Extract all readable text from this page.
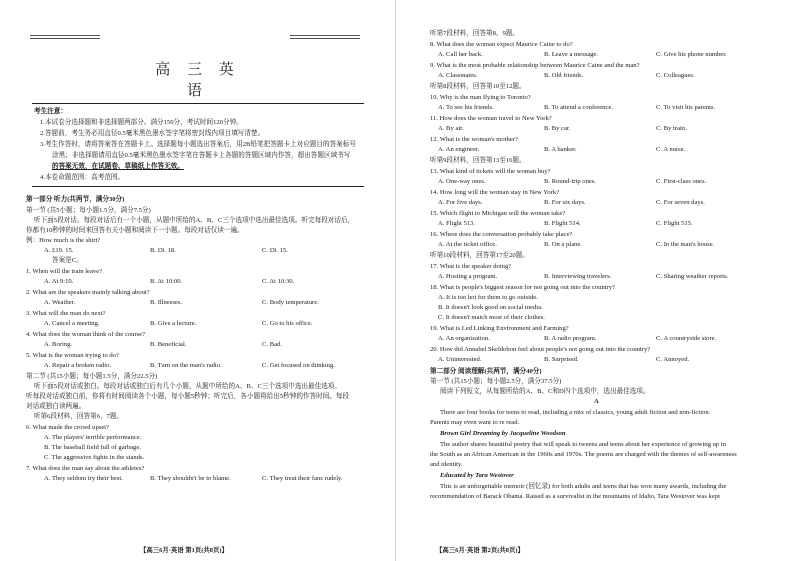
高 三 英 语
考生注意：
1.本试卷分选择题和非选择题两部分。满分150分，考试时间120分钟。
2.答题前，考生务必用直径0.5毫米黑色墨水签字笔将密封线内项目填写清楚。
3.考生作答时，请将答案答在答题卡上。选择题每小题选出答案后，用2B铅笔把答题卡上对应题目的答案标号
涂黑；非选择题请用直径0.5毫米黑色墨水签字笔在答题卡上各题的答题区域内作答，超出答题区域书写
的答案无效，在试题卷、草稿纸上作答无效。
4.本卷命题范围：高考范围。
第一部分 听力(共两节，满分30分)
第一节 (共5小题；每小题1.5分，满分7.5分)
听下面5段对话。每段对话后有一个小题，从题中所给的A、B、C三个选项中选出最佳选项。听完每段对话后，
你都有10秒钟的时间来回答有关小题和阅读下一小题。每段对话仅读一遍。
例：How much is the shirt?
A. £19. 15.	B. £9. 18.	C. £9. 15.
答案是C。
1. When will the train leave?
A. At 9:10.	B. At 10:00.	C. At 10:30.
2. What are the speakers mainly talking about?
A. Weather.	B. Illnesses.	C. Body temperature.
3. What will the man do next?
A. Cancel a meeting.	B. Give a lecture.	C. Go to his office.
4. What does the woman think of the course?
A. Boring.	B. Beneficial.	C. Bad.
5. What is the woman trying to do?
A. Repair a broken radio.	B. Turn on the man's radio.	C. Get focused on thinking.
第二节 (共15小题；每小题1.5分，满分22.5分)
听下面5段对话或独白。每段对话或独白后有几个小题，从题中所给的A、B、C三个选项中选出最佳选项。
听每段对话或独白前，你将有时间阅读各个小题，每小题5秒钟；听完后，各小题将给出5秒钟的作答时间。每段
对话或独白读两遍。
听第6段材料，回答第6、7题。
6. What made the crowd upset?
A. The players' terrible performance.
B. The baseball field full of garbage.
C. The aggressive fights in the stands.
7. What does the man say about the athletes?
A. They seldom try their best.	B. They shouldn't be to blame.	C. They treat their fans rudely.
【高三6月·英语 第1页(共8页)】
听第7段材料，回答第8、9题。
8. What does the woman expect Maurice Caine to do?
A. Call her back.	B. Leave a message.	C. Give his phone number.
9. What is the most probable relationship between Maurice Caine and the man?
A. Classmates.	B. Old friends.	C. Colleagues.
听第8段材料，回答第10至12题。
10. Why is the man flying to Toronto?
A. To see his friends.	B. To attend a conference.	C. To visit his parents.
11. How does the woman travel to New York?
A. By air.	B. By car.	C. By train.
12. What is the woman's mother?
A. An engineer.	B. A banker.	C. A nurse.
听第9段材料，回答第13至16题。
13. What kind of tickets will the woman buy?
A. One-way ones.	B. Round-trip ones.	C. First-class ones.
14. How long will the woman stay in New York?
A. For five days.	B. For six days.	C. For seven days.
15. Which flight to Michigan will the woman take?
A. Flight 513.	B. Flight 514.	C. Flight 515.
16. Where does the conversation probably take place?
A. At the ticket office.	B. On a plane.	C. In the man's house.
听第10段材料，回答第17至20题。
17. What is the speaker doing?
A. Hosting a program.	B. Interviewing travelers.	C. Sharing weather reports.
18. What is people's biggest reason for not going out into the country?
A. It is too hot for them to go outside.
B. It doesn't look good on social media.
C. It doesn't match most of their clothes.
19. What is Led Linking Environment and Farming?
A. An organization.	B. A radio program.	C. A countryside store.
20. How did Annabel Skeldobon feel about people's not going out into the country?
A. Uninterested.	B. Surprised.	C. Annoyed.
第二部分 阅读理解(共两节，满分40分)
第一节 (共15小题；每小题2.5分，满分37.5分)
阅读下列短文，从每题所给的A、B、C和D四个选项中，选出最佳选项。
A
There are four books for teens to read, including a mix of classics, young adult fiction and non-fiction.
Parents may even want to re read.
Brown Girl Dreaming by Jacqueline Woodson
The author shares beautiful poetry that will speak to tweens and teens about her experience of growing up in
the South as an African American in the 1960s and 1970s. The poems are charged with the themes of self-awareness
and identity.
Educated by Tara Westover
This is an unforgettable memoir (回忆录) for both adults and teens that has won many awards, including the
recommendation of Barack Obama. Raised as a survivalist in the mountains of Idaho, Tara Westover was kept
【高三6月·英语 第2页(共8页)】
